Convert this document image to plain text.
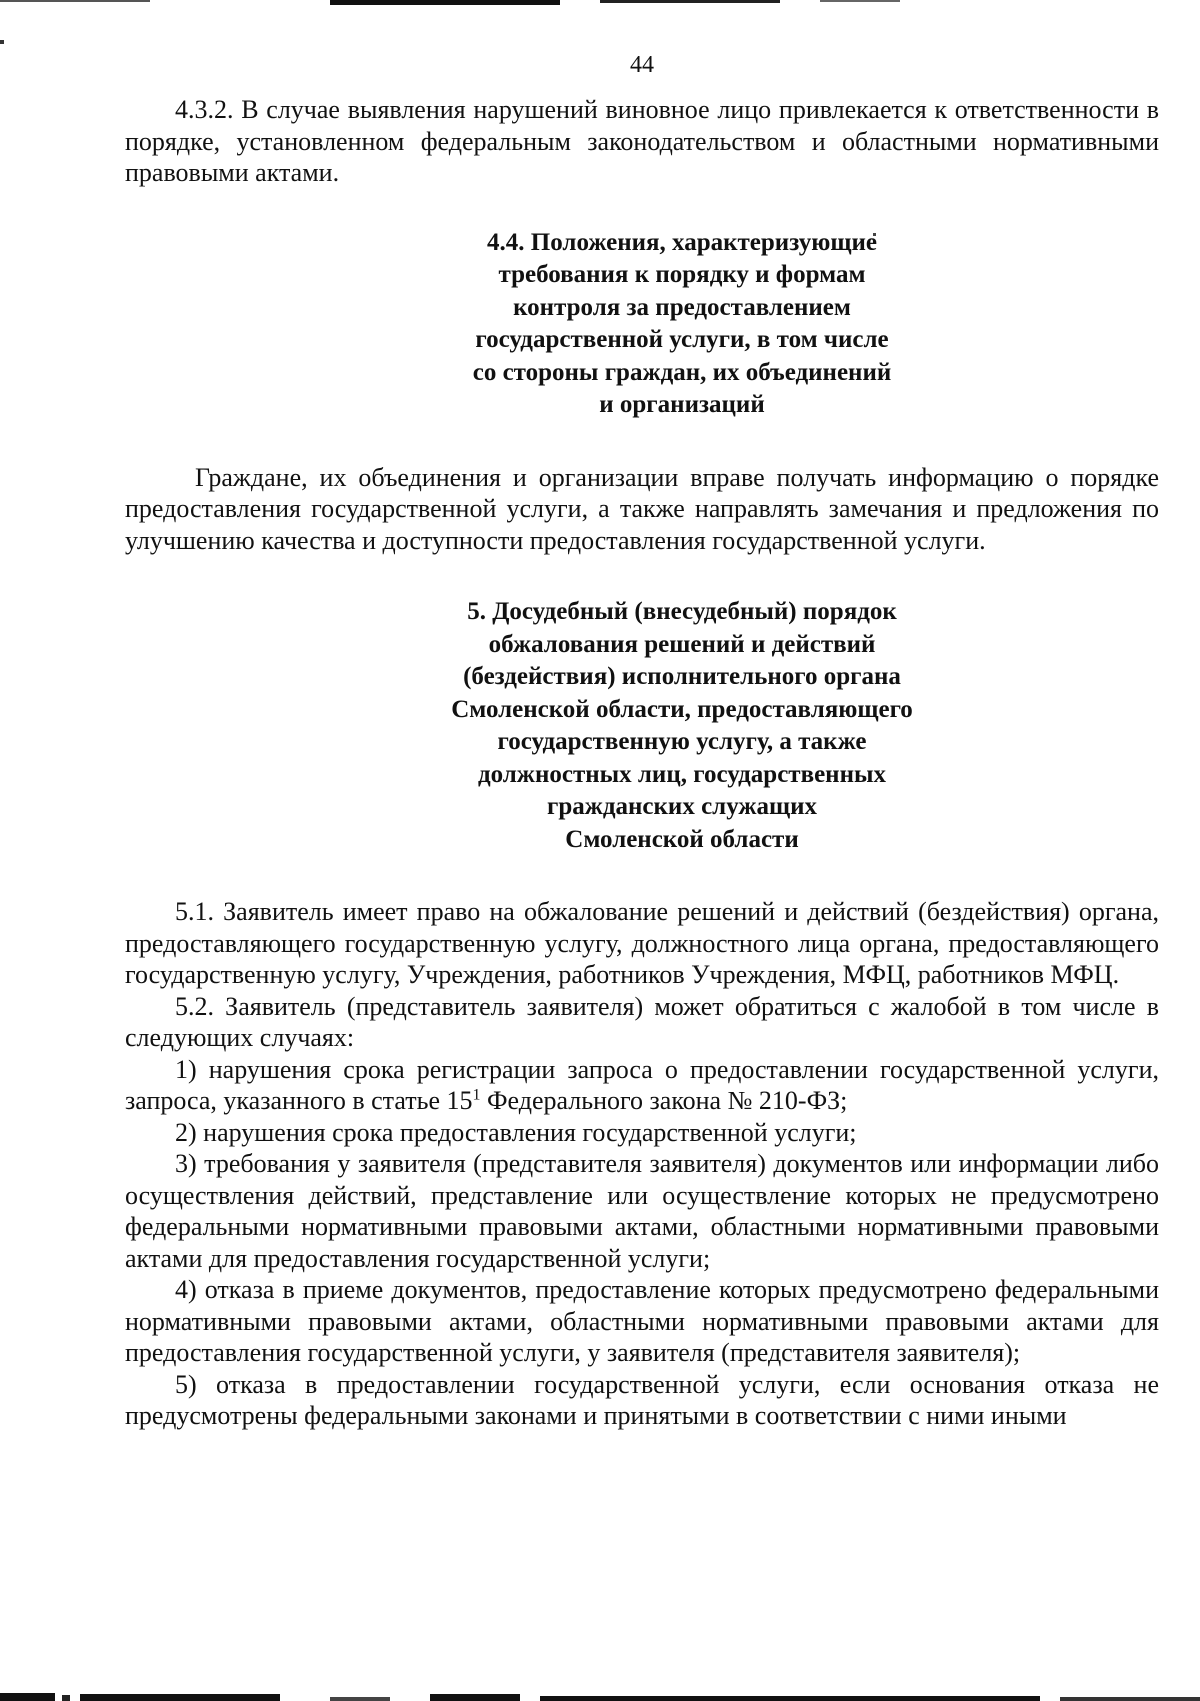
44

4.3.2. В случае выявления нарушений виновное лицо привлекается к ответственности в порядке, установленном федеральным законодательством и областными нормативными правовыми актами.

4.4. Положения, характеризующие
требования к порядку и формам
контроля за предоставлением
государственной услуги, в том числе
со стороны граждан, их объединений
и организаций

Граждане, их объединения и организации вправе получать информацию о порядке предоставления государственной услуги, а также направлять замечания и предложения по улучшению качества и доступности предоставления государственной услуги.

5. Досудебный (внесудебный) порядок
обжалования решений и действий
(бездействия) исполнительного органа
Смоленской области, предоставляющего
государственную услугу, а также
должностных лиц, государственных
гражданских служащих
Смоленской области

5.1. Заявитель имеет право на обжалование решений и действий (бездействия) органа, предоставляющего государственную услугу, должностного лица органа, предоставляющего государственную услугу, Учреждения, работников Учреждения, МФЦ, работников МФЦ.

5.2. Заявитель (представитель заявителя) может обратиться с жалобой в том числе в следующих случаях:

1) нарушения срока регистрации запроса о предоставлении государственной услуги, запроса, указанного в статье $15^1$ Федерального закона № 210-ФЗ;

2) нарушения срока предоставления государственной услуги;

3) требования у заявителя (представителя заявителя) документов или информации либо осуществления действий, представление или осуществление которых не предусмотрено федеральными нормативными правовыми актами, областными нормативными правовыми актами для предоставления государственной услуги;

4) отказа в приеме документов, предоставление которых предусмотрено федеральными нормативными правовыми актами, областными нормативными правовыми актами для предоставления государственной услуги, у заявителя (представителя заявителя);

5) отказа в предоставлении государственной услуги, если основания отказа не предусмотрены федеральными законами и принятыми в соответствии с ними иными
